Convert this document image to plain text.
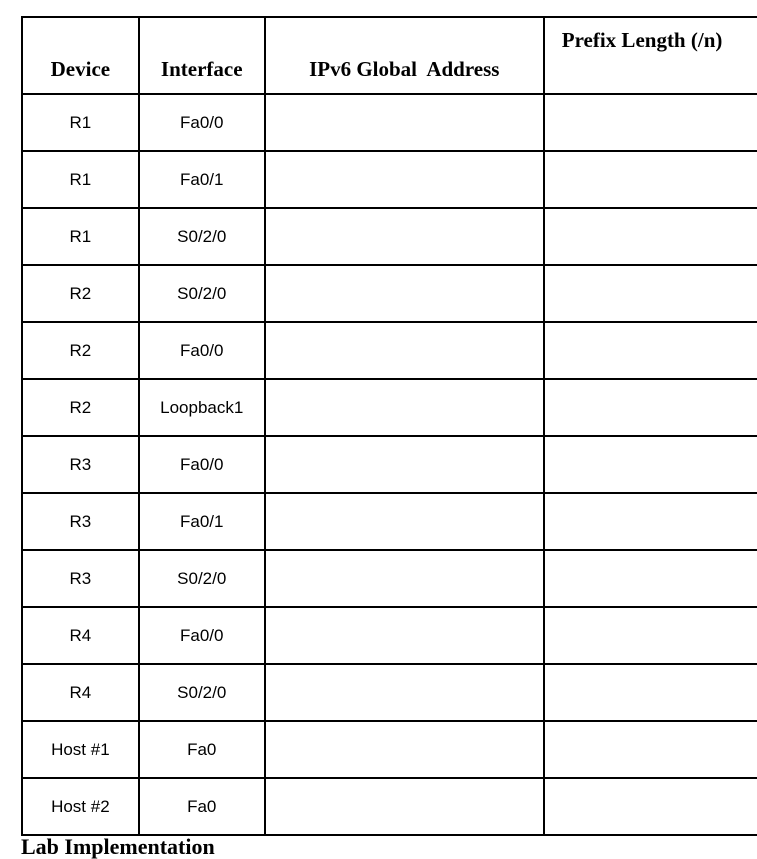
Device	Interface	IPv6 Global  Address	Prefix Length (/n)
R1	Fa0/0		
R1	Fa0/1		
R1	S0/2/0		
R2	S0/2/0		
R2	Fa0/0		
R2	Loopback1		
R3	Fa0/0		
R3	Fa0/1		
R3	S0/2/0		
R4	Fa0/0		
R4	S0/2/0		
Host #1	Fa0		
Host #2	Fa0		
Lab Implementation
